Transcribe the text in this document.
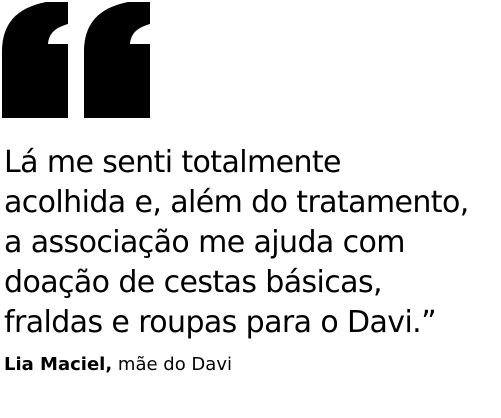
Lá me senti totalmente
acolhida e, além do tratamento,
a associação me ajuda com
doação de cestas básicas,
fraldas e roupas para o Davi.”

Lia Maciel, mãe do Davi
